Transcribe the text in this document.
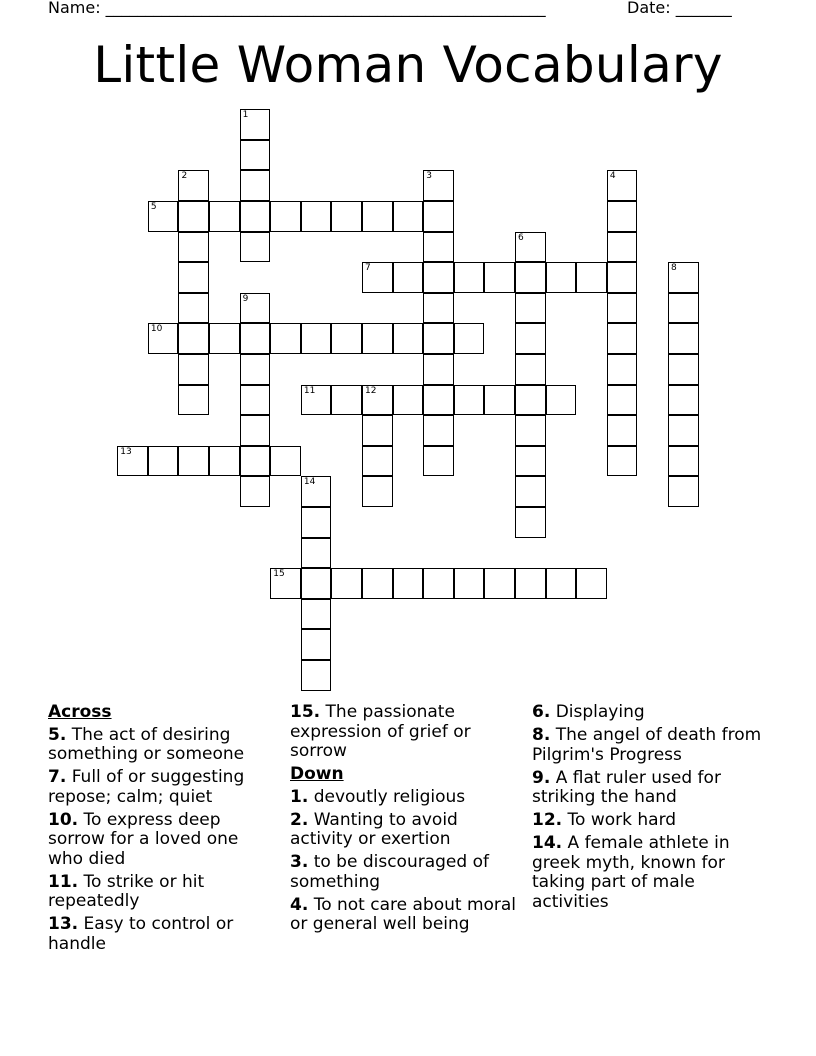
Name: _______________________________________________________	Date: _______
Little Woman Vocabulary
1
2	3	4
5
6
7	8
9
10
11	12
13
14
15
Across
5. The act of desiring something or someone
7. Full of or suggesting repose; calm; quiet
10. To express deep sorrow for a loved one who died
11. To strike or hit repeatedly
13. Easy to control or handle
15. The passionate expression of grief or sorrow
Down
1. devoutly religious
2. Wanting to avoid activity or exertion
3. to be discouraged of something
4. To not care about moral or general well being
6. Displaying
8. The angel of death from Pilgrim's Progress
9. A flat ruler used for striking the hand
12. To work hard
14. A female athlete in greek myth, known for taking part of male activities
